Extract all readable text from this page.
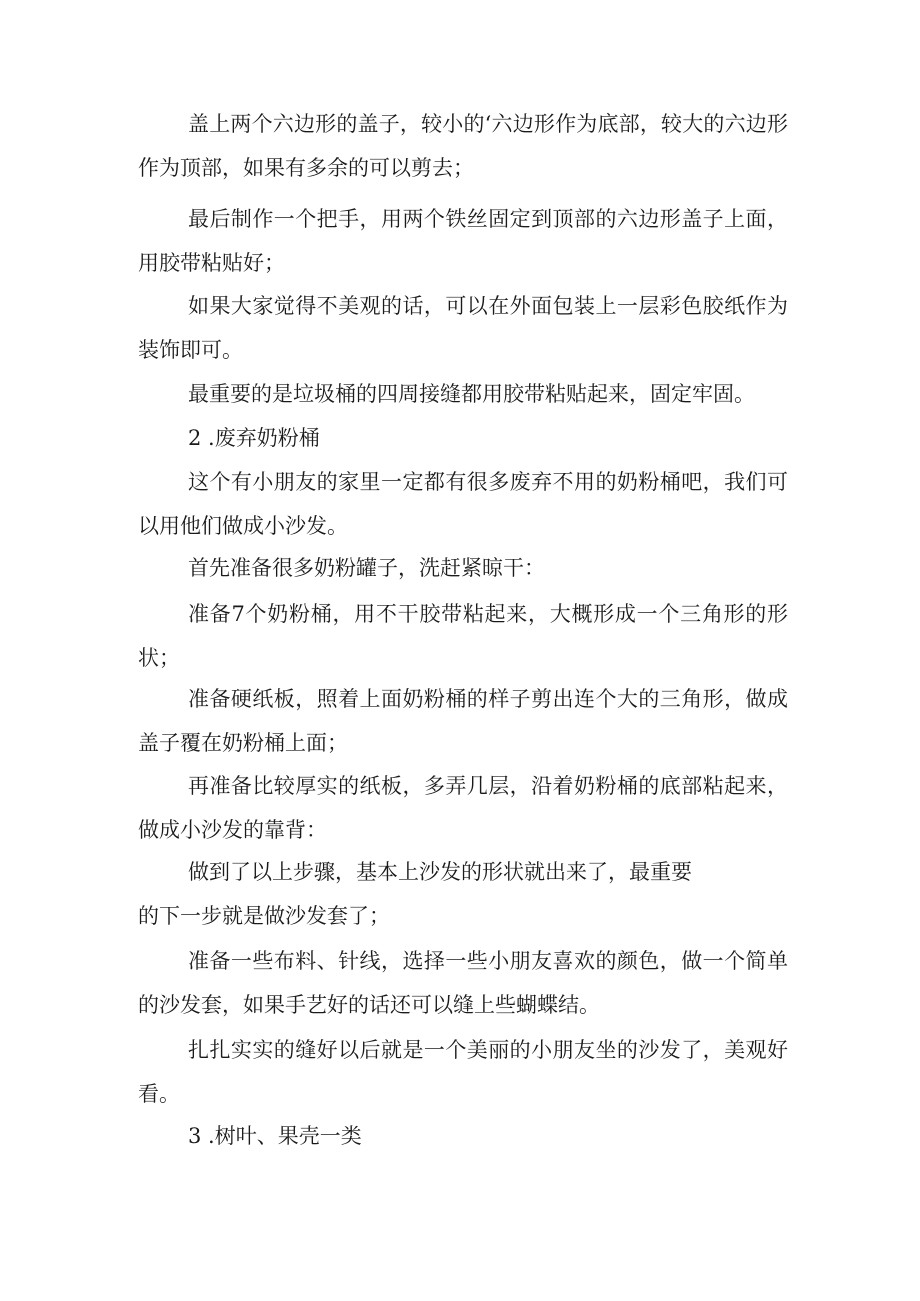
盖上两个六边形的盖子，较小的‘六边形作为底部，较大的六边形作为顶部，如果有多余的可以剪去；

最后制作一个把手，用两个铁丝固定到顶部的六边形盖子上面，用胶带粘贴好；

如果大家觉得不美观的话，可以在外面包装上一层彩色胶纸作为装饰即可。

最重要的是垃圾桶的四周接缝都用胶带粘贴起来，固定牢固。

2 .废弃奶粉桶

这个有小朋友的家里一定都有很多废弃不用的奶粉桶吧，我们可以用他们做成小沙发。

首先准备很多奶粉罐子，洗赶紧晾干：

准备7个奶粉桶，用不干胶带粘起来，大概形成一个三角形的形状；

准备硬纸板，照着上面奶粉桶的样子剪出连个大的三角形，做成盖子覆在奶粉桶上面；

再准备比较厚实的纸板，多弄几层，沿着奶粉桶的底部粘起来，做成小沙发的靠背：

做到了以上步骤，基本上沙发的形状就出来了，最重要

的下一步就是做沙发套了；

准备一些布料、针线，选择一些小朋友喜欢的颜色，做一个简单的沙发套，如果手艺好的话还可以缝上些蝴蝶结。

扎扎实实的缝好以后就是一个美丽的小朋友坐的沙发了，美观好看。

3 .树叶、果壳一类
